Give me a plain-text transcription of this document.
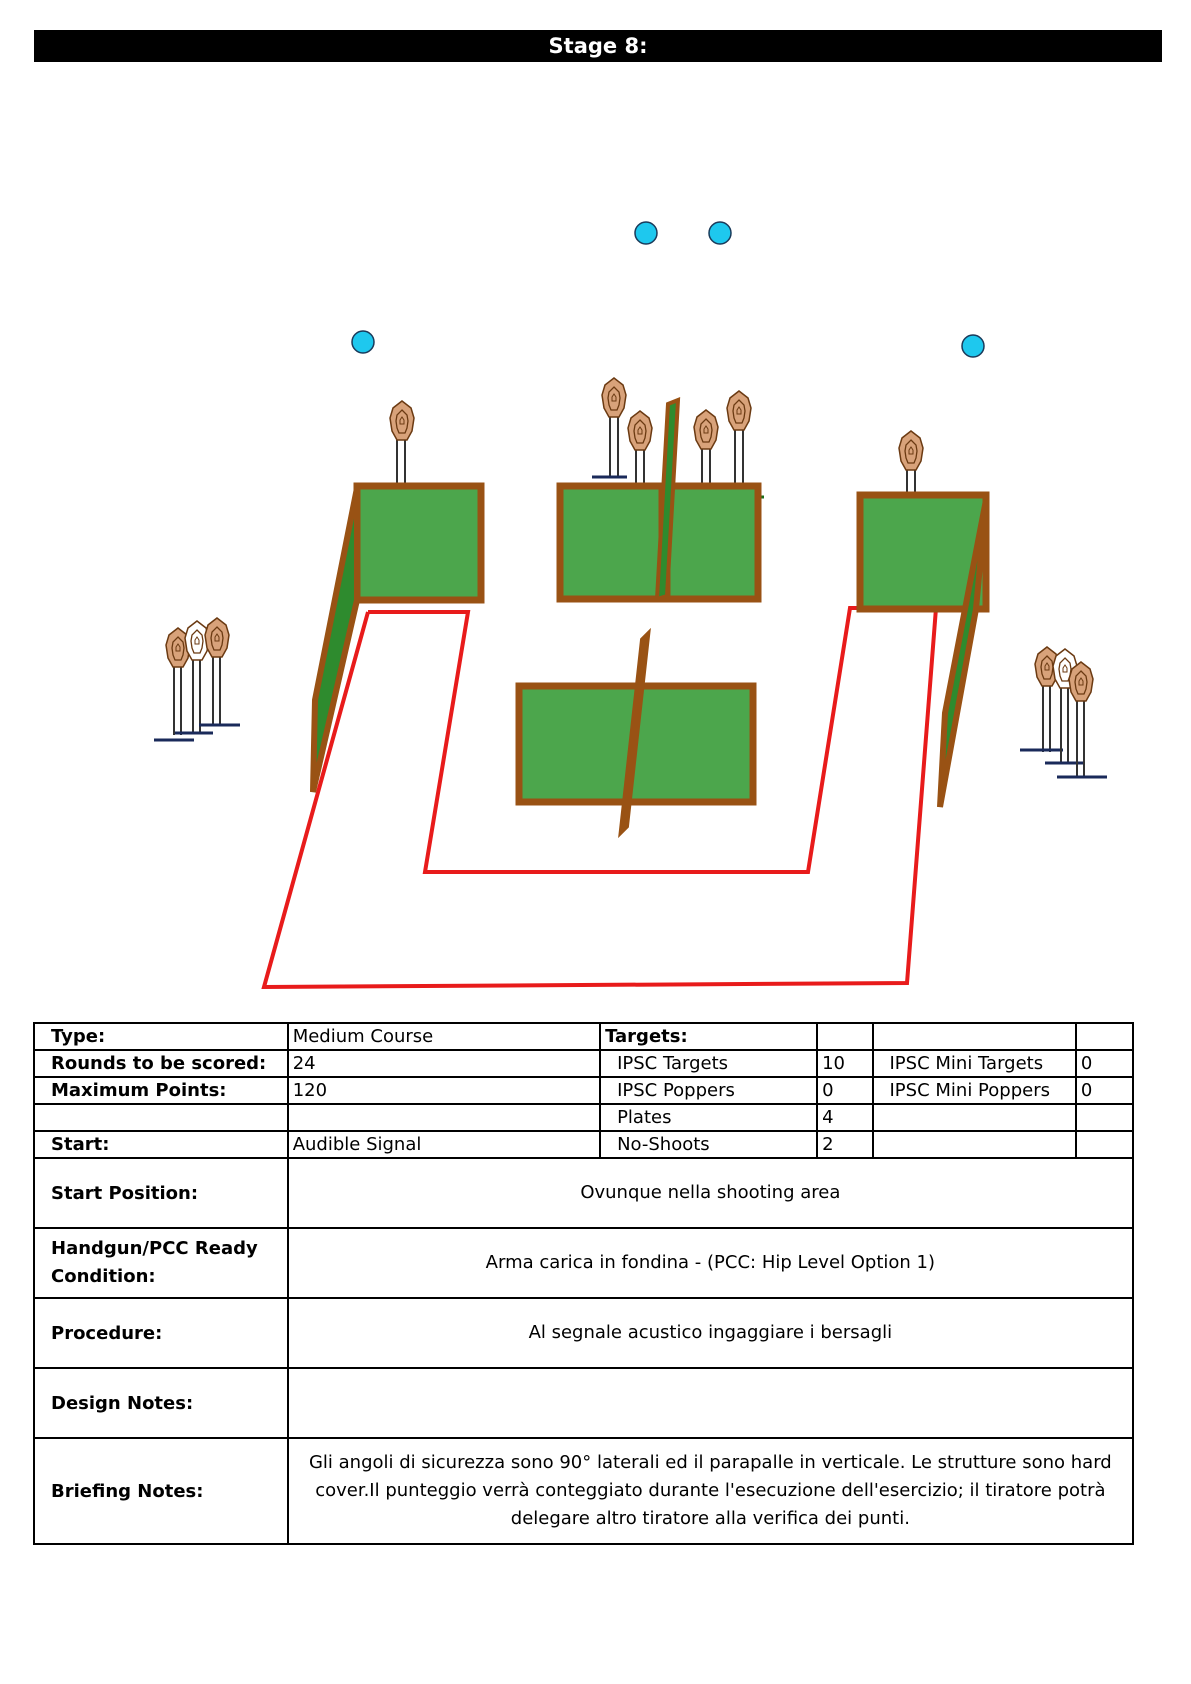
Stage 8:
Type:	Medium Course	Targets:			
Rounds to be scored:	24	IPSC Targets	10	IPSC Mini Targets	0
Maximum Points:	120	IPSC Poppers	0	IPSC Mini Poppers	0
		Plates	4		
Start:	Audible Signal	No-Shoots	2		
Start Position:	Ovunque nella shooting area				
Handgun/PCC Ready
Condition:	Arma carica in fondina - (PCC: Hip Level Option 1)				
Procedure:	Al segnale acustico ingaggiare i bersagli				
Design Notes:					
Briefing Notes:	Gli angoli di sicurezza sono 90° laterali ed il parapalle in verticale. Le strutture sono hard
cover.Il punteggio verrà conteggiato durante l'esecuzione dell'esercizio; il tiratore potrà
delegare altro tiratore alla verifica dei punti.				
